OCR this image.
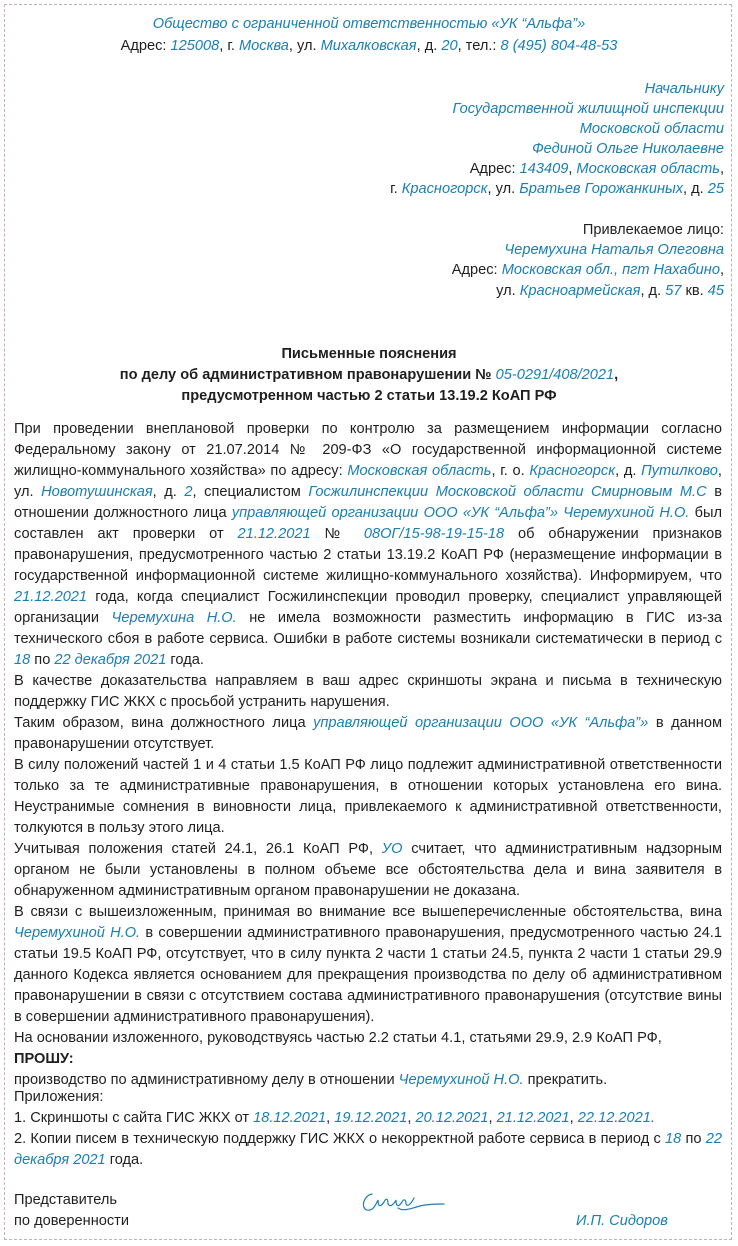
Общество с ограниченной ответственностью «УК “Альфа”»
Адрес: 125008, г. Москва, ул. Михалковская, д. 20, тел.: 8 (495) 804-48-53
Начальнику
Государственной жилищной инспекции
Московской области
Фединой Ольге Николаевне
Адрес: 143409, Московская область,
г. Красногорск, ул. Братьев Горожанкиных, д. 25
Привлекаемое лицо:
Черемухина Наталья Олеговна
Адрес: Московская обл., пгт Нахабино,
ул. Красноармейская, д. 57 кв. 45
Письменные пояснения
по делу об административном правонарушении № 05-0291/408/2021,
предусмотренном частью 2 статьи 13.19.2 КоАП РФ

При проведении внеплановой проверки по контролю за размещением информации согласно Федеральному закону от 21.07.2014 № 209-ФЗ «О государственной информационной системе жилищно-коммунального хозяйства» по адресу: Московская область, г. о. Красногорск, д. Путилково, ул. Новотушинская, д. 2, специалистом Госжилинспекции Московской области Смирновым М.С в отношении должностного лица управляющей организации ООО «УК “Альфа”» Черемухиной Н.О. был составлен акт проверки от 21.12.2021 № 08ОГ/15-98-19-15-18 об обнаружении признаков правонарушения, предусмотренного частью 2 статьи 13.19.2 КоАП РФ (неразмещение информации в государственной информационной системе жилищно-коммунального хозяйства). Информируем, что 21.12.2021 года, когда специалист Госжилинспекции проводил проверку, специалист управляющей организации Черемухина Н.О. не имела возможности разместить информацию в ГИС из-за технического сбоя в работе сервиса. Ошибки в работе системы возникали систематически в период с 18 по 22 декабря 2021 года.

В качестве доказательства направляем в ваш адрес скриншоты экрана и письма в техническую поддержку ГИС ЖКХ с просьбой устранить нарушения.

Таким образом, вина должностного лица управляющей организации ООО «УК “Альфа”» в данном правонарушении отсутствует.

В силу положений частей 1 и 4 статьи 1.5 КоАП РФ лицо подлежит административной ответственности только за те административные правонарушения, в отношении которых установлена его вина. Неустранимые сомнения в виновности лица, привлекаемого к административной ответственности, толкуются в пользу этого лица.

Учитывая положения статей 24.1, 26.1 КоАП РФ, УО считает, что административным надзорным органом не были установлены в полном объеме все обстоятельства дела и вина заявителя в обнаруженном административным органом правонарушении не доказана.

В связи с вышеизложенным, принимая во внимание все вышеперечисленные обстоятельства, вина Черемухиной Н.О. в совершении административного правонарушения, предусмотренного частью 24.1 статьи 19.5 КоАП РФ, отсутствует, что в силу пункта 2 части 1 статьи 24.5, пункта 2 части 1 статьи 29.9 данного Кодекса является основанием для прекращения производства по делу об административном правонарушении в связи с отсутствием состава административного правонарушения (отсутствие вины в совершении административного правонарушения).

На основании изложенного, руководствуясь частью 2.2 статьи 4.1, статьями 29.9, 2.9 КоАП РФ,

ПРОШУ:

производство по административному делу в отношении Черемухиной Н.О. прекратить.

Приложения:

1. Скриншоты с сайта ГИС ЖКХ от 18.12.2021, 19.12.2021, 20.12.2021, 21.12.2021, 22.12.2021.

2. Копии писем в техническую поддержку ГИС ЖКХ о некорректной работе сервиса в период с 18 по 22 декабря 2021 года.

Представитель
по доверенности	И.П. Сидоров
